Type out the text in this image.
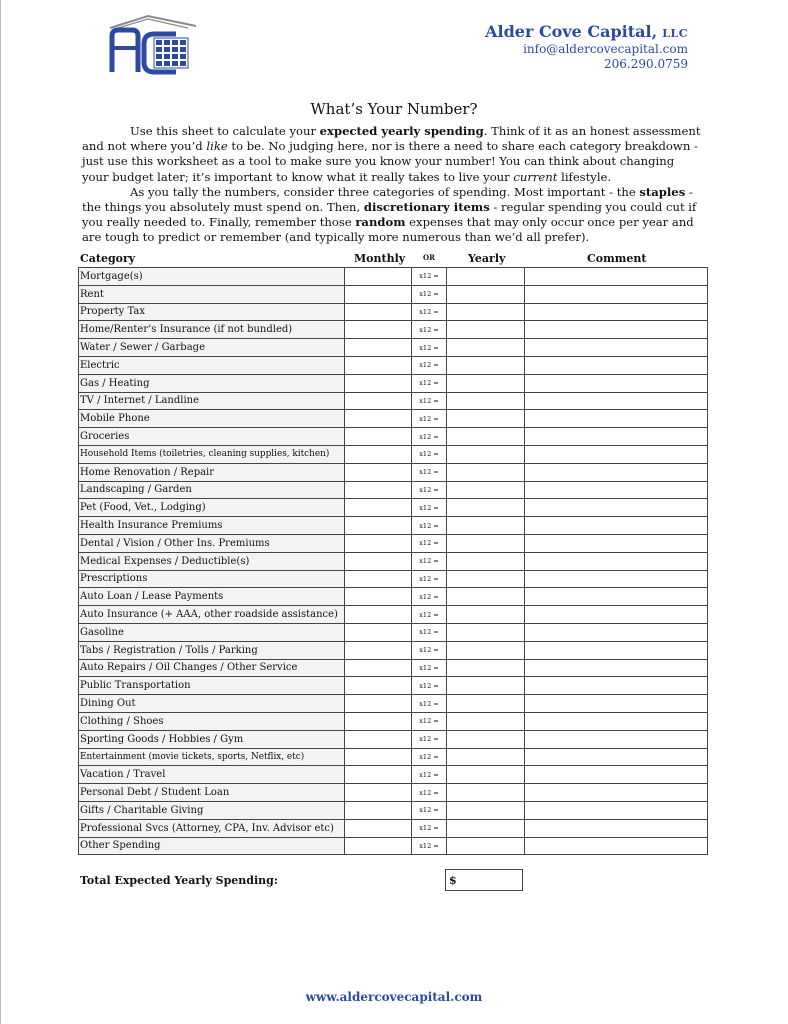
Alder Cove Capital, LLC
info@aldercovecapital.com
206.290.0759
What’s Your Number?

Use this sheet to calculate your expected yearly spending. Think of it as an honest assessment and not where you’d like to be. No judging here, nor is there a need to share each category breakdown - just use this worksheet as a tool to make sure you know your number! You can think about changing your budget later; it’s important to know what it really takes to live your current lifestyle.

As you tally the numbers, consider three categories of spending. Most important - the staples - the things you absolutely must spend on. Then, discretionary items - regular spending you could cut if you really needed to. Finally, remember those random expenses that may only occur once per year and are tough to predict or remember (and typically more numerous than we’d all prefer).

Category	Monthly	OR	Yearly	Comment
Mortgage(s)		x12 =		
Rent		x12 =		
Property Tax		x12 =		
Home/Renter’s Insurance (if not bundled)		x12 =		
Water / Sewer / Garbage		x12 =		
Electric		x12 =		
Gas / Heating		x12 =		
TV / Internet / Landline		x12 =		
Mobile Phone		x12 =		
Groceries		x12 =		
Household Items (toiletries, cleaning supplies, kitchen)		x12 =		
Home Renovation / Repair		x12 =		
Landscaping / Garden		x12 =		
Pet (Food, Vet., Lodging)		x12 =		
Health Insurance Premiums		x12 =		
Dental / Vision / Other Ins. Premiums		x12 =		
Medical Expenses / Deductible(s)		x12 =		
Prescriptions		x12 =		
Auto Loan / Lease Payments		x12 =		
Auto Insurance (+ AAA, other roadside assistance)		x12 =		
Gasoline		x12 =		
Tabs / Registration / Tolls / Parking		x12 =		
Auto Repairs / Oil Changes / Other Service		x12 =		
Public Transportation		x12 =		
Dining Out		x12 =		
Clothing / Shoes		x12 =		
Sporting Goods / Hobbies / Gym		x12 =		
Entertainment (movie tickets, sports, Netflix, etc)		x12 =		
Vacation / Travel		x12 =		
Personal Debt / Student Loan		x12 =		
Gifts / Charitable Giving		x12 =		
Professional Svcs (Attorney, CPA, Inv. Advisor etc)		x12 =		
Other Spending		x12 =		
Total Expected Yearly Spending:	$
www.aldercovecapital.com
